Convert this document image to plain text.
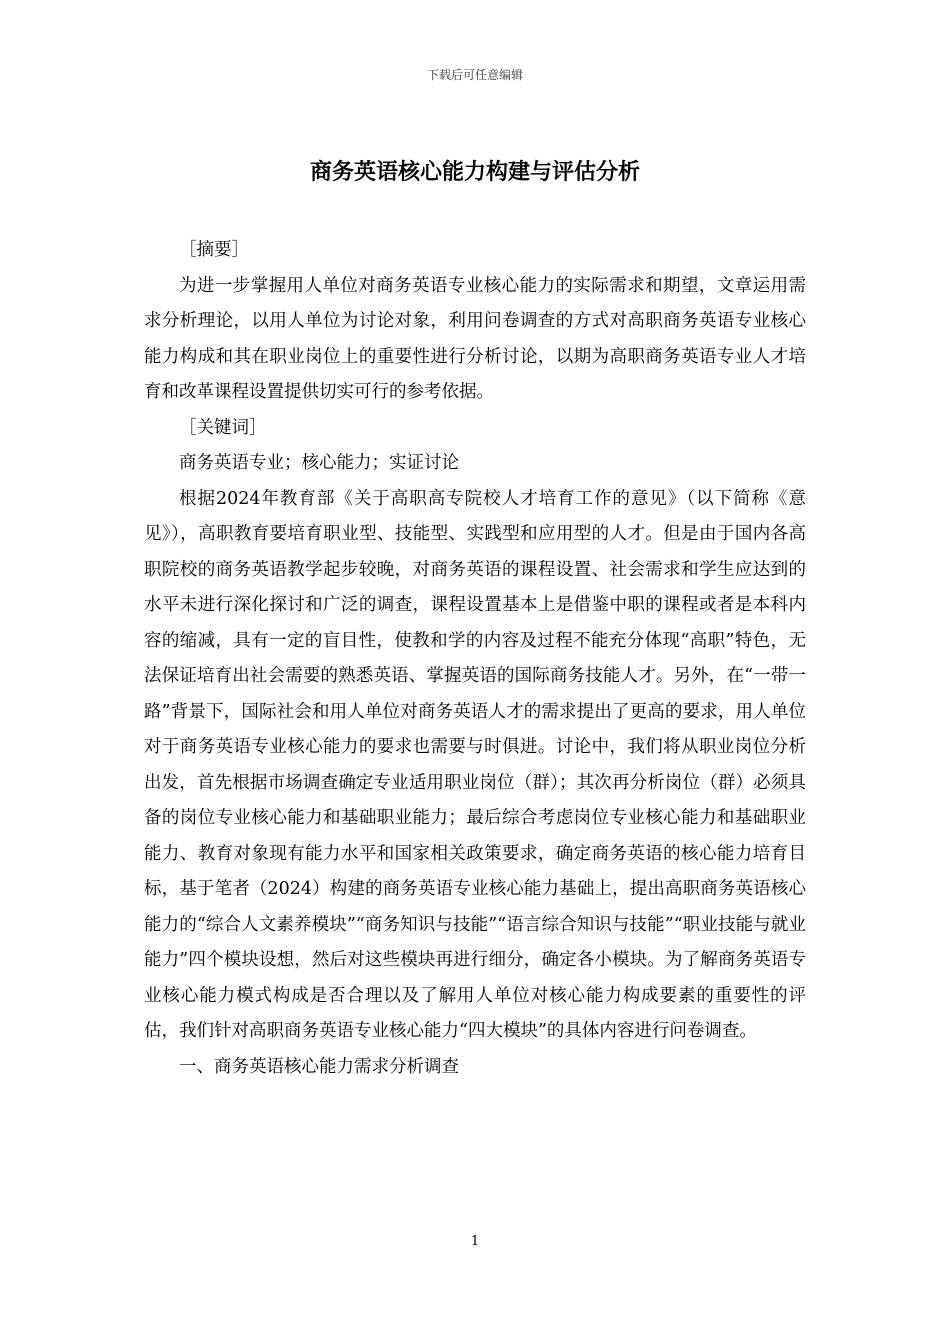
下载后可任意编辑
商务英语核心能力构建与评估分析

［摘要］

为进一步掌握用人单位对商务英语专业核心能力的实际需求和期望，文章运用需求分析理论，以用人单位为讨论对象，利用问卷调查的方式对高职商务英语专业核心能力构成和其在职业岗位上的重要性进行分析讨论，以期为高职商务英语专业人才培育和改革课程设置提供切实可行的参考依据。

［关键词］

商务英语专业；核心能力；实证讨论

根据2024年教育部《关于高职高专院校人才培育工作的意见》（以下简称《意见》），高职教育要培育职业型、技能型、实践型和应用型的人才。但是由于国内各高职院校的商务英语教学起步较晚，对商务英语的课程设置、社会需求和学生应达到的水平未进行深化探讨和广泛的调查，课程设置基本上是借鉴中职的课程或者是本科内容的缩减，具有一定的盲目性，使教和学的内容及过程不能充分体现“高职”特色，无法保证培育出社会需要的熟悉英语、掌握英语的国际商务技能人才。另外，在“一带一路”背景下，国际社会和用人单位对商务英语人才的需求提出了更高的要求，用人单位对于商务英语专业核心能力的要求也需要与时俱进。讨论中，我们将从职业岗位分析出发，首先根据市场调查确定专业适用职业岗位（群）；其次再分析岗位（群）必须具备的岗位专业核心能力和基础职业能力；最后综合考虑岗位专业核心能力和基础职业能力、教育对象现有能力水平和国家相关政策要求，确定商务英语的核心能力培育目标，基于笔者（2024）构建的商务英语专业核心能力基础上，提出高职商务英语核心能力的“综合人文素养模块”“商务知识与技能”“语言综合知识与技能”“职业技能与就业能力”四个模块设想，然后对这些模块再进行细分，确定各小模块。为了解商务英语专业核心能力模式构成是否合理以及了解用人单位对核心能力构成要素的重要性的评估，我们针对高职商务英语专业核心能力“四大模块”的具体内容进行问卷调查。

一、商务英语核心能力需求分析调查

1
